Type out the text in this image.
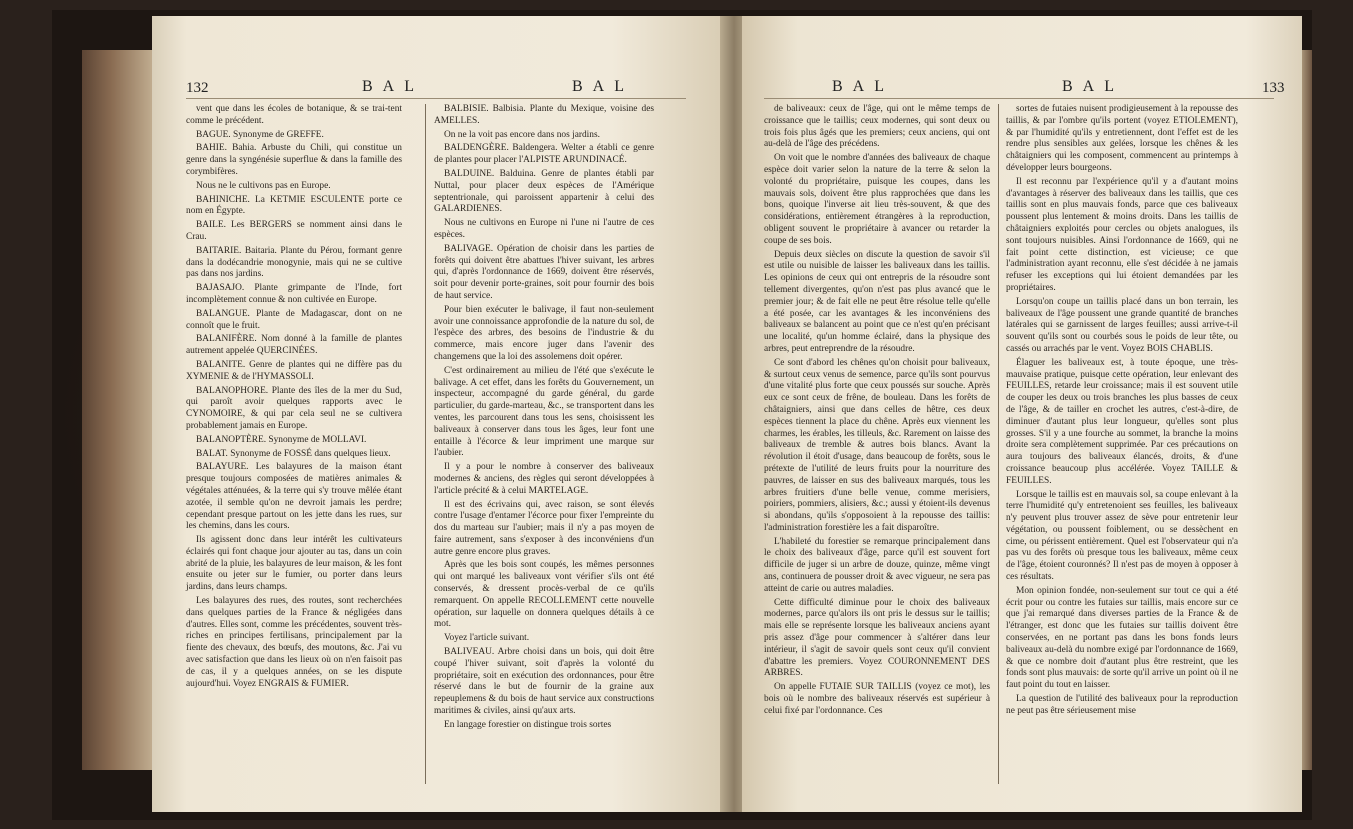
132	BAL	BAL

vent que dans les écoles de botanique, & se trai-tent comme le précédent.

BAGUE. Synonyme de GREFFE.

BAHIE. Bahia. Arbuste du Chili, qui constitue un genre dans la syngénésie superflue & dans la famille des corymbifères.

Nous ne le cultivons pas en Europe.

BAHINICHE. La KETMIE ESCULENTE porte ce nom en Égypte.

BAILE. Les BERGERS se nomment ainsi dans le Crau.

BAITARIE. Baitaria. Plante du Pérou, formant genre dans la dodécandrie monogynie, mais qui ne se cultive pas dans nos jardins.

BAJASAJO. Plante grimpante de l'Inde, fort incomplètement connue & non cultivée en Europe.

BALANGUE. Plante de Madagascar, dont on ne connoît que le fruit.

BALANIFÈRE. Nom donné à la famille de plantes autrement appelée QUERCINÉES.

BALANITE. Genre de plantes qui ne diffère pas du XYMENIE & de l'HYMASSOLI.

BALANOPHORE. Plante des îles de la mer du Sud, qui paroît avoir quelques rapports avec le CYNOMOIRE, & qui par cela seul ne se cultivera probablement jamais en Europe.

BALANOPTÈRE. Synonyme de MOLLAVI.

BALAT. Synonyme de FOSSÉ dans quelques lieux.

BALAYURE. Les balayures de la maison étant presque toujours composées de matières animales & végétales atténuées, & la terre qui s'y trouve mêlée étant azotée, il semble qu'on ne devroit jamais les perdre; cependant presque partout on les jette dans les rues, sur les chemins, dans les cours.

Ils agissent donc dans leur intérêt les cultivateurs éclairés qui font chaque jour ajouter au tas, dans un coin abrité de la pluie, les balayures de leur maison, & les font ensuite ou jeter sur le fumier, ou porter dans leurs jardins, dans leurs champs.

Les balayures des rues, des routes, sont recherchées dans quelques parties de la France & négligées dans d'autres. Elles sont, comme les précédentes, souvent très-riches en principes fertilisans, principalement par la fiente des chevaux, des bœufs, des moutons, &c. J'ai vu avec satisfaction que dans les lieux où on n'en faisoit pas de cas, il y a quelques années, on se les dispute aujourd'hui. Voyez ENGRAIS & FUMIER.

BALBISIE. Balbisia. Plante du Mexique, voisine des AMELLES.

On ne la voit pas encore dans nos jardins.

BALDENGÈRE. Baldengera. Welter a établi ce genre de plantes pour placer l'ALPISTE ARUNDINACÉ.

BALDUINE. Balduina. Genre de plantes établi par Nuttal, pour placer deux espèces de l'Amérique septentrionale, qui paroissent appartenir à celui des GALARDIENES.

Nous ne cultivons en Europe ni l'une ni l'autre de ces espèces.

BALIVAGE. Opération de choisir dans les parties de forêts qui doivent être abattues l'hiver suivant, les arbres qui, d'après l'ordonnance de 1669, doivent être réservés, soit pour devenir porte-graines, soit pour fournir des bois de haut service.

Pour bien exécuter le balivage, il faut non-seulement avoir une connoissance approfondie de la nature du sol, de l'espèce des arbres, des besoins de l'industrie & du commerce, mais encore juger dans l'avenir des changemens que la loi des assolemens doit opérer.

C'est ordinairement au milieu de l'été que s'exécute le balivage. A cet effet, dans les forêts du Gouvernement, un inspecteur, accompagné du garde général, du garde particulier, du garde-marteau, &c., se transportent dans les ventes, les parcourent dans tous les sens, choisissent les baliveaux à conserver dans tous les âges, leur font une entaille à l'écorce & leur impriment une marque sur l'aubier.

Il y a pour le nombre à conserver des baliveaux modernes & anciens, des règles qui seront développées à l'article précité & à celui MARTELAGE.

Il est des écrivains qui, avec raison, se sont élevés contre l'usage d'entamer l'écorce pour fixer l'empreinte du dos du marteau sur l'aubier; mais il n'y a pas moyen de faire autrement, sans s'exposer à des inconvéniens d'un autre genre encore plus graves.

Après que les bois sont coupés, les mêmes personnes qui ont marqué les baliveaux vont vérifier s'ils ont été conservés, & dressent procès-verbal de ce qu'ils remarquent. On appelle RECOLLEMENT cette nouvelle opération, sur laquelle on donnera quelques détails à ce mot.

Voyez l'article suivant.

BALIVEAU. Arbre choisi dans un bois, qui doit être coupé l'hiver suivant, soit d'après la volonté du propriétaire, soit en exécution des ordonnances, pour être réservé dans le but de fournir de la graine aux repeuplemens & du bois de haut service aux constructions maritimes & civiles, ainsi qu'aux arts.

En langage forestier on distingue trois sortes

BAL	BAL	133

de baliveaux: ceux de l'âge, qui ont le même temps de croissance que le taillis; ceux modernes, qui sont deux ou trois fois plus âgés que les premiers; ceux anciens, qui ont au-delà de l'âge des précédens.

On voit que le nombre d'années des baliveaux de chaque espèce doit varier selon la nature de la terre & selon la volonté du propriétaire, puisque les coupes, dans les mauvais sols, doivent être plus rapprochées que dans les bons, quoique l'inverse ait lieu très-souvent, & que des considérations, entièrement étrangères à la reproduction, obligent souvent le propriétaire à avancer ou retarder la coupe de ses bois.

Depuis deux siècles on discute la question de savoir s'il est utile ou nuisible de laisser les baliveaux dans les taillis. Les opinions de ceux qui ont entrepris de la résoudre sont tellement divergentes, qu'on n'est pas plus avancé que le premier jour; & de fait elle ne peut être résolue telle qu'elle a été posée, car les avantages & les inconvéniens des baliveaux se balancent au point que ce n'est qu'en précisant une localité, qu'un homme éclairé, dans la physique des arbres, peut entreprendre de la résoudre.

Ce sont d'abord les chênes qu'on choisit pour baliveaux, & surtout ceux venus de semence, parce qu'ils sont pourvus d'une vitalité plus forte que ceux poussés sur souche. Après eux ce sont ceux de frêne, de bouleau. Dans les forêts de châtaigniers, ainsi que dans celles de hêtre, ces deux espèces tiennent la place du chêne. Après eux viennent les charmes, les érables, les tilleuls, &c. Rarement on laisse des baliveaux de tremble & autres bois blancs. Avant la révolution il étoit d'usage, dans beaucoup de forêts, sous le prétexte de l'utilité de leurs fruits pour la nourriture des pauvres, de laisser en sus des baliveaux marqués, tous les arbres fruitiers d'une belle venue, comme merisiers, poiriers, pommiers, alisiers, &c.; aussi y étoient-ils devenus si abondans, qu'ils s'opposoient à la repousse des taillis: l'administration forestière les a fait disparoître.

L'habileté du forestier se remarque principalement dans le choix des baliveaux d'âge, parce qu'il est souvent fort difficile de juger si un arbre de douze, quinze, même vingt ans, continuera de pousser droit & avec vigueur, ne sera pas atteint de carie ou autres maladies.

Cette difficulté diminue pour le choix des baliveaux modernes, parce qu'alors ils ont pris le dessus sur le taillis; mais elle se représente lorsque les baliveaux anciens ayant pris assez d'âge pour commencer à s'altérer dans leur intérieur, il s'agit de savoir quels sont ceux qu'il convient d'abattre les premiers. Voyez COURONNEMENT DES ARBRES.

On appelle FUTAIE SUR TAILLIS (voyez ce mot), les bois où le nombre des baliveaux réservés est supérieur à celui fixé par l'ordonnance. Ces

sortes de futaies nuisent prodigieusement à la repousse des taillis, & par l'ombre qu'ils portent (voyez ETIOLEMENT), & par l'humidité qu'ils y entretiennent, dont l'effet est de les rendre plus sensibles aux gelées, lorsque les chênes & les châtaigniers qui les composent, commencent au printemps à développer leurs bourgeons.

Il est reconnu par l'expérience qu'il y a d'autant moins d'avantages à réserver des baliveaux dans les taillis, que ces taillis sont en plus mauvais fonds, parce que ces baliveaux poussent plus lentement & moins droits. Dans les taillis de châtaigniers exploités pour cercles ou objets analogues, ils sont toujours nuisibles. Ainsi l'ordonnance de 1669, qui ne fait point cette distinction, est vicieuse; ce que l'administration ayant reconnu, elle s'est décidée à ne jamais refuser les exceptions qui lui étoient demandées par les propriétaires.

Lorsqu'on coupe un taillis placé dans un bon terrain, les baliveaux de l'âge poussent une grande quantité de branches latérales qui se garnissent de larges feuilles; aussi arrive-t-il souvent qu'ils sont ou courbés sous le poids de leur tête, ou cassés ou arrachés par le vent. Voyez BOIS CHABLIS.

Élaguer les baliveaux est, à toute époque, une très-mauvaise pratique, puisque cette opération, leur enlevant des FEUILLES, retarde leur croissance; mais il est souvent utile de couper les deux ou trois branches les plus basses de ceux de l'âge, & de tailler en crochet les autres, c'est-à-dire, de diminuer d'autant plus leur longueur, qu'elles sont plus grosses. S'il y a une fourche au sommet, la branche la moins droite sera complètement supprimée. Par ces précautions on aura toujours des baliveaux élancés, droits, & d'une croissance beaucoup plus accélérée. Voyez TAILLE & FEUILLES.

Lorsque le taillis est en mauvais sol, sa coupe enlevant à la terre l'humidité qu'y entretenoient ses feuilles, les baliveaux n'y peuvent plus trouver assez de sève pour entretenir leur végétation, ou poussent foiblement, ou se dessèchent en cime, ou périssent entièrement. Quel est l'observateur qui n'a pas vu des forêts où presque tous les baliveaux, même ceux de l'âge, étoient couronnés? Il n'est pas de moyen à opposer à ces résultats.

Mon opinion fondée, non-seulement sur tout ce qui a été écrit pour ou contre les futaies sur taillis, mais encore sur ce que j'ai remarqué dans diverses parties de la France & de l'étranger, est donc que les futaies sur taillis doivent être conservées, en ne portant pas dans les bons fonds leurs baliveaux au-delà du nombre exigé par l'ordonnance de 1669, & que ce nombre doit d'autant plus être restreint, que les fonds sont plus mauvais: de sorte qu'il arrive un point où il ne faut point du tout en laisser.

La question de l'utilité des baliveaux pour la reproduction ne peut pas être sérieusement mise
